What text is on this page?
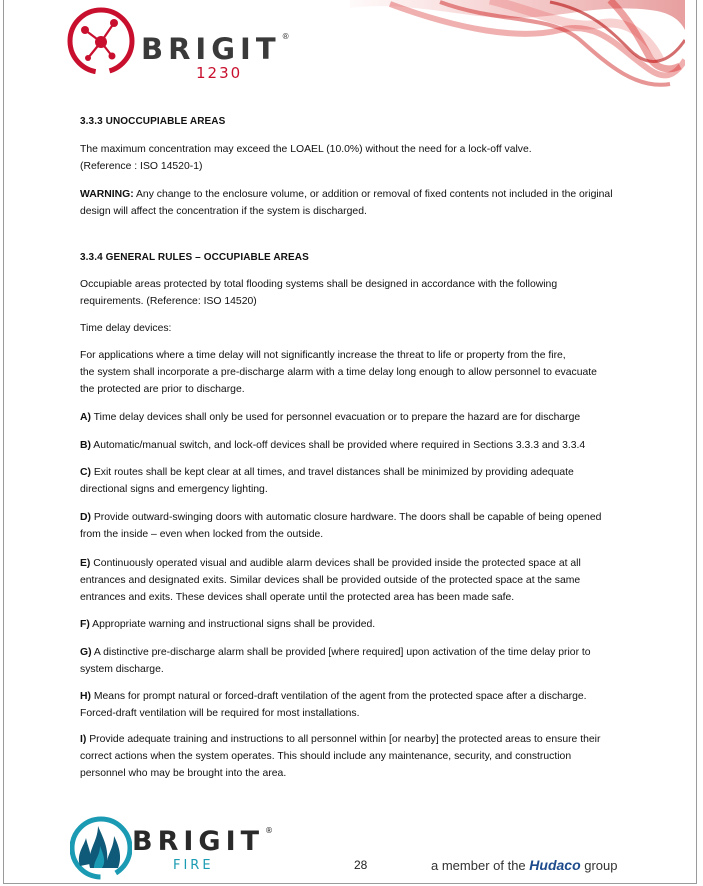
BRIGIT®
1230
3.3.3 UNOCCUPIABLE AREAS

The maximum concentration may exceed the LOAEL (10.0%) without the need for a lock-off valve.

(Reference : ISO 14520-1)

WARNING: Any change to the enclosure volume, or addition or removal of fixed contents not included in the original design will affect the concentration if the system is discharged.

3.3.4 GENERAL RULES – OCCUPIABLE AREAS

Occupiable areas protected by total flooding systems shall be designed in accordance with the following

requirements. (Reference: ISO 14520)

Time delay devices:

For applications where a time delay will not significantly increase the threat to life or property from the fire,

the system shall incorporate a pre-discharge alarm with a time delay long enough to allow personnel to evacuate

the protected are prior to discharge.

A) Time delay devices shall only be used for personnel evacuation or to prepare the hazard are for discharge

B) Automatic/manual switch, and lock-off devices shall be provided where required in Sections 3.3.3 and 3.3.4

C) Exit routes shall be kept clear at all times, and travel distances shall be minimized by providing adequate

directional signs and emergency lighting.

D) Provide outward-swinging doors with automatic closure hardware. The doors shall be capable of being opened

from the inside – even when locked from the outside.

E) Continuously operated visual and audible alarm devices shall be provided inside the protected space at all

entrances and designated exits. Similar devices shall be provided outside of the protected space at the same

entrances and exits. These devices shall operate until the protected area has been made safe.

F) Appropriate warning and instructional signs shall be provided.

G) A distinctive pre-discharge alarm shall be provided [where required] upon activation of the time delay prior to

system discharge.

H) Means for prompt natural or forced-draft ventilation of the agent from the protected space after a discharge.

Forced-draft ventilation will be required for most installations.

I) Provide adequate training and instructions to all personnel within [or nearby] the protected areas to ensure their

correct actions when the system operates. This should include any maintenance, security, and construction

personnel who may be brought into the area.

BRIGIT®
FIRE	28	a member of the Hudaco group
